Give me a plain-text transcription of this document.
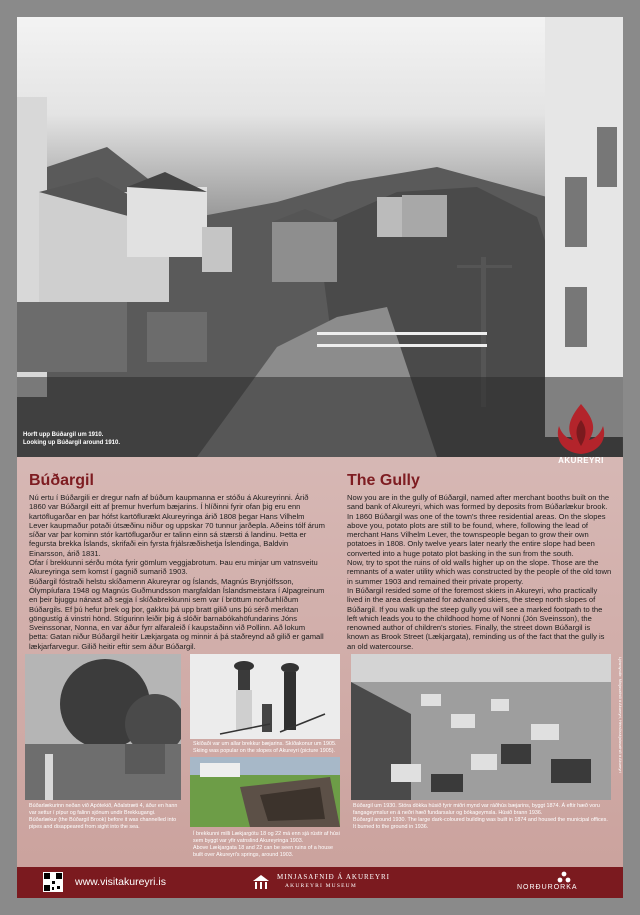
Horft upp Búðargil um 1910.
Looking up Búðargil around 1910.
AKUREYRI
Búðargil	The Gully

Nú ertu í Búðargili er dregur nafn af búðum kaupmanna er stóðu á Akureyrinni. Árið 1860 var Búðargil eitt af þremur hverfum bæjarins. Í hlíðinni fyrir ofan þig eru enn kartöflugarðar en þar hófst kartöflurækt Akureyringa árið 1808 þegar Hans Vilhelm Lever kaupmaður potaði útsæðinu niður og uppskar 70 tunnur jarðepla. Aðeins tólf árum síðar var þar kominn stór kartöflugarður er talinn einn sá stærsti á landinu. Þetta er fegursta brekka Íslands, skrifaði ein fyrsta frjálsræðishetja Íslendinga, Baldvin Einarsson, árið 1831.

Ofar í brekkunni sérðu móta fyrir gömlum veggjabrotum. Þau eru minjar um vatnsveitu Akureyringa sem komst í gagnið sumarið 1903.

Búðargil fóstraði helstu skíðamenn Akureyrar og Íslands, Magnús Brynjólfsson, Ólympíufara 1948 og Magnús Guðmundsson margfaldan Íslandsmeistara í Alpagreinum en þeir bjuggu nánast að segja í skíðabrekkunni sem var í bröttum norðurhlíðum Búðargils. Ef þú hefur þrek og þor, gakktu þá upp bratt gilið uns þú sérð merktan göngustíg á vinstri hönd. Stígurinn leiðir þig á slóðir barnabókahöfundarins Jóns Sveinssonar, Nonna, en var áður fyrr alfaraleið í kaupstaðinn við Pollinn. Að lokum þetta: Gatan niður Búðargil heitir Lækjargata og minnir á þá staðreynd að gilið er gamall lækjarfarvegur. Gilið heitir eftir sem áður Búðargil.

Now you are in the gully of Búðargil, named after merchant booths built on the sand bank of Akureyri, which was formed by deposits from Búðarlækur brook. In 1860 Búðargil was one of the town's three residential areas. On the slopes above you, potato plots are still to be found, where, following the lead of merchant Hans Vilhelm Lever, the townspeople began to grow their own potatoes in 1808. Only twelve years later nearly the entire slope had been converted into a huge potato plot basking in the sun from the south.

Now, try to spot the ruins of old walls higher up on the slope. Those are the remnants of a water utility which was constructed by the people of the old town in summer 1903 and remained their private property.

In Búðargil resided some of the foremost skiers in Akureyri, who practically lived in the area designated for advanced skiers, the steep north slopes of Búðargil. If you walk up the steep gully you will see a marked footpath to the left which leads you to the childhood home of Nonni (Jón Sveinsson), the renowned author of children's stories. Finally, the street down Búðargil is known as Brook Street (Lækjargata), reminding us of the fact that the gully is an old watercourse.

Búðarlækurinn neðan við Apótekið, Aðalstræti 4, áður en hann var settur í pípur og falinn sjónum undir Brekkugangi.
Búðarlækur (the Búðargil Brook) before it was channelled into pipes and disappeared from sight into the sea.
Skíðaði var um allar brekkur bæjarins. Skíðakonur um 1905.
Skiing was popular on the slopes of Akureyri (picture 1905).
Í brekkunni milli Lækjargötu 18 og 22 má enn sjá rústir af húsi sem byggt var yfir vatnslind Akureyringa 1903.
Above Lækjargata 18 and 22 can be seen ruins of a house built over Akureyri's springs, around 1903.
Búðargil um 1930. Stóra dökka húsið fyrir miðri mynd var ráðhús bæjarins, byggt 1874. Á eftir hæð voru fangageymslur en á neðri hæð fundarsalur og bókageymsla. Húsið brann 1936.
Búðargil around 1930. The large dark-coloured building was built in 1874 and housed the municipal offices. It burned to the ground in 1936.
Ljósmyndir: Minjasafnið á Akureyri, Héraðsskjalasafnið á Akureyri
www.visitakureyri.is	MINJASAFNIÐ Á AKUREYRI
AKUREYRI MUSEUM	NORÐURORKA
